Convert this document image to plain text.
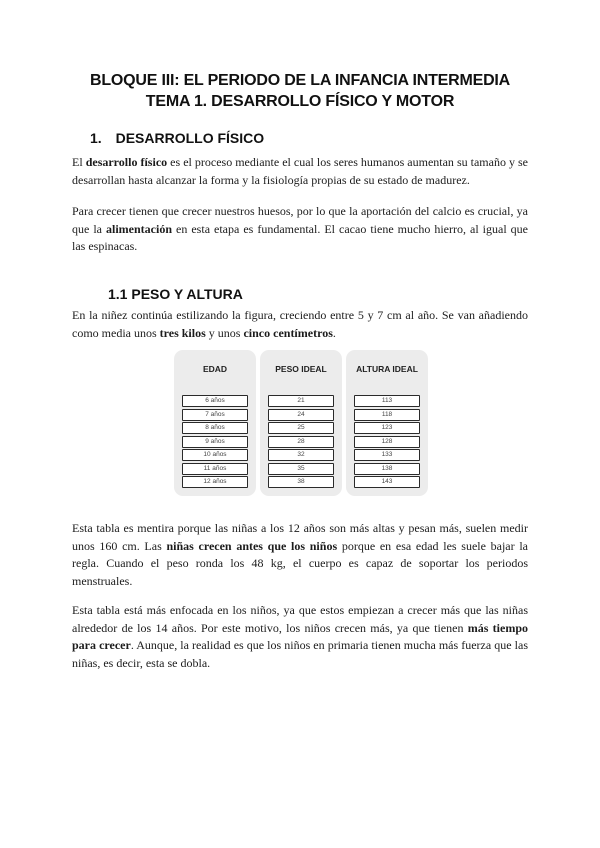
BLOQUE III: EL PERIODO DE LA INFANCIA INTERMEDIA
TEMA 1. DESARROLLO FÍSICO Y MOTOR
1. DESARROLLO FÍSICO
El desarrollo físico es el proceso mediante el cual los seres humanos aumentan su tamaño y se desarrollan hasta alcanzar la forma y la fisiología propias de su estado de madurez.
Para crecer tienen que crecer nuestros huesos, por lo que la aportación del calcio es crucial, ya que la alimentación en esta etapa es fundamental. El cacao tiene mucho hierro, al igual que las espinacas.
1.1 PESO Y ALTURA
En la niñez continúa estilizando la figura, creciendo entre 5 y 7 cm al año. Se van añadiendo como media unos tres kilos y unos cinco centímetros.
EDAD
6 años
7 años
8 años
9 años
10 años
11 años
12 años
PESO IDEAL
21
24
25
28
32
35
38
ALTURA IDEAL
113
118
123
128
133
138
143
Esta tabla es mentira porque las niñas a los 12 años son más altas y pesan más, suelen medir unos 160 cm. Las niñas crecen antes que los niños porque en esa edad les suele bajar la regla. Cuando el peso ronda los 48 kg, el cuerpo es capaz de soportar los periodos menstruales.
Esta tabla está más enfocada en los niños, ya que estos empiezan a crecer más que las niñas alrededor de los 14 años. Por este motivo, los niños crecen más, ya que tienen más tiempo para crecer. Aunque, la realidad es que los niños en primaria tienen mucha más fuerza que las niñas, es decir, esta se dobla.
